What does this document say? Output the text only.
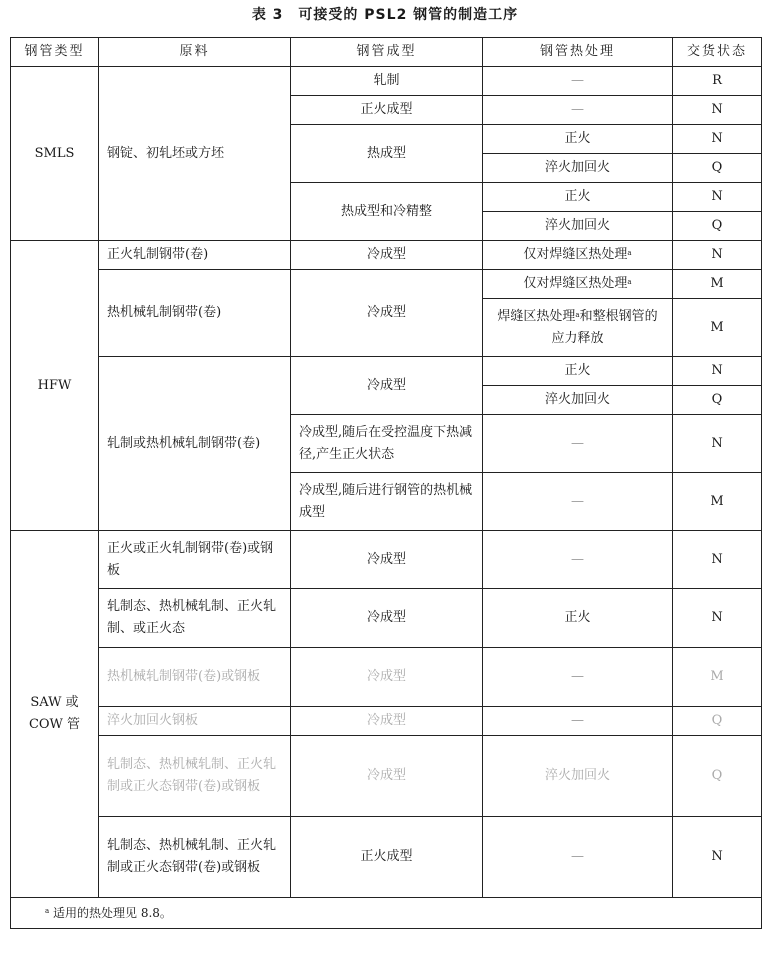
表 3　可接受的 PSL2 钢管的制造工序
钢管类型	原料	钢管成型	钢管热处理	交货状态
SMLS	钢锭、初轧坯或方坯	轧制	—	R
		正火成型	—	N
		热成型	正火	N
			淬火加回火	Q
		热成型和冷精整	正火	N
			淬火加回火	Q
HFW	正火轧制钢带(卷)	冷成型	仅对焊缝区热处理$^a$	N
	热机械轧制钢带(卷)	冷成型	仅对焊缝区热处理$^a$	M
			焊缝区热处理$^a$和整根钢管的应力释放	M
	轧制或热机械轧制钢带(卷)	冷成型	正火	N
			淬火加回火	Q
		冷成型,随后在受控温度下热减径,产生正火状态	—	N
		冷成型,随后进行钢管的热机械成型	—	M

SAW 或 COW 管	正火或正火轧制钢带(卷)或钢板	冷成型	—	N
	轧制态、热机械轧制、正火轧制、或正火态	冷成型	正火	N
	热机械轧制钢带(卷)或钢板	冷成型	—	M
	淬火加回火钢板	冷成型	—	Q
	轧制态、热机械轧制、正火轧制或正火态钢带(卷)或钢板	冷成型	淬火加回火	Q
	轧制态、热机械轧制、正火轧制或正火态钢带(卷)或钢板	正火成型	—	N
$^a$ 适用的热处理见 8.8。				
